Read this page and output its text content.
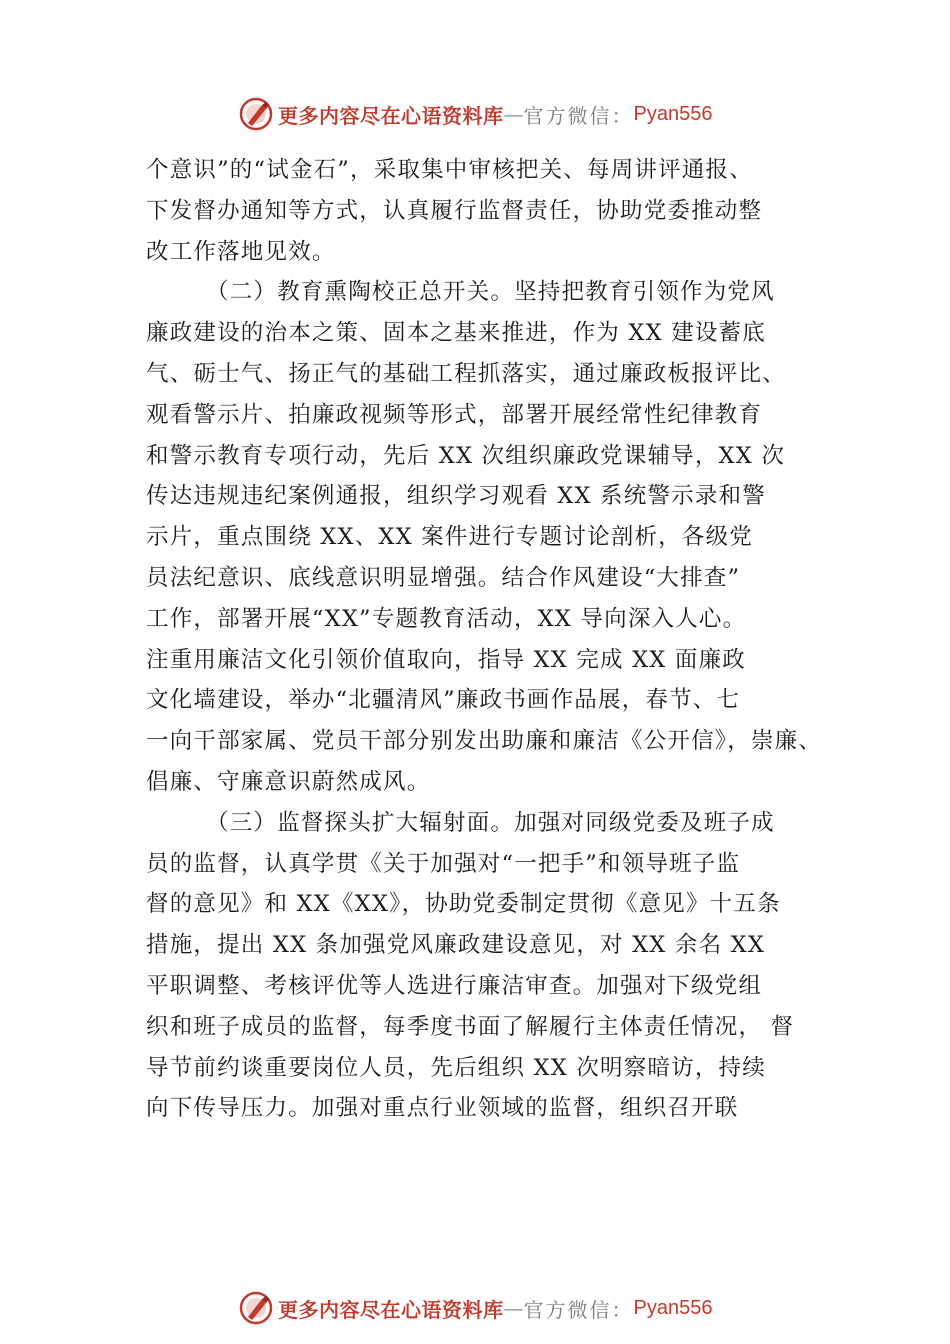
更多内容尽在心语资料库 — 官方微信： Pyan556
个意识”的“试金石”，采取集中审核把关、每周讲评通报、
下发督办通知等方式，认真履行监督责任，协助党委推动整
改工作落地见效。
（二）教育熏陶校正总开关。坚持把教育引领作为党风
廉政建设的治本之策、固本之基来推进，作为 XX 建设蓄底
气、砺士气、扬正气的基础工程抓落实，通过廉政板报评比、
观看警示片、拍廉政视频等形式，部署开展经常性纪律教育
和警示教育专项行动，先后 XX 次组织廉政党课辅导，XX 次
传达违规违纪案例通报，组织学习观看 XX 系统警示录和警
示片，重点围绕 XX、XX 案件进行专题讨论剖析，各级党
员法纪意识、底线意识明显增强。结合作风建设“大排查”
工作，部署开展“XX”专题教育活动，XX 导向深入人心。
注重用廉洁文化引领价值取向，指导 XX 完成 XX 面廉政
文化墙建设，举办“北疆清风”廉政书画作品展，春节、七
一向干部家属、党员干部分别发出助廉和廉洁《公开信》，崇廉、
倡廉、守廉意识蔚然成风。
（三）监督探头扩大辐射面。加强对同级党委及班子成
员的监督，认真学贯《关于加强对“一把手”和领导班子监
督的意见》和 XX《XX》，协助党委制定贯彻《意见》十五条
措施，提出 XX 条加强党风廉政建设意见，对 XX 余名 XX
平职调整、考核评优等人选进行廉洁审查。加强对下级党组
织和班子成员的监督，每季度书面了解履行主体责任情况， 督
导节前约谈重要岗位人员，先后组织 XX 次明察暗访，持续
向下传导压力。加强对重点行业领域的监督，组织召开联
更多内容尽在心语资料库 — 官方微信： Pyan556
